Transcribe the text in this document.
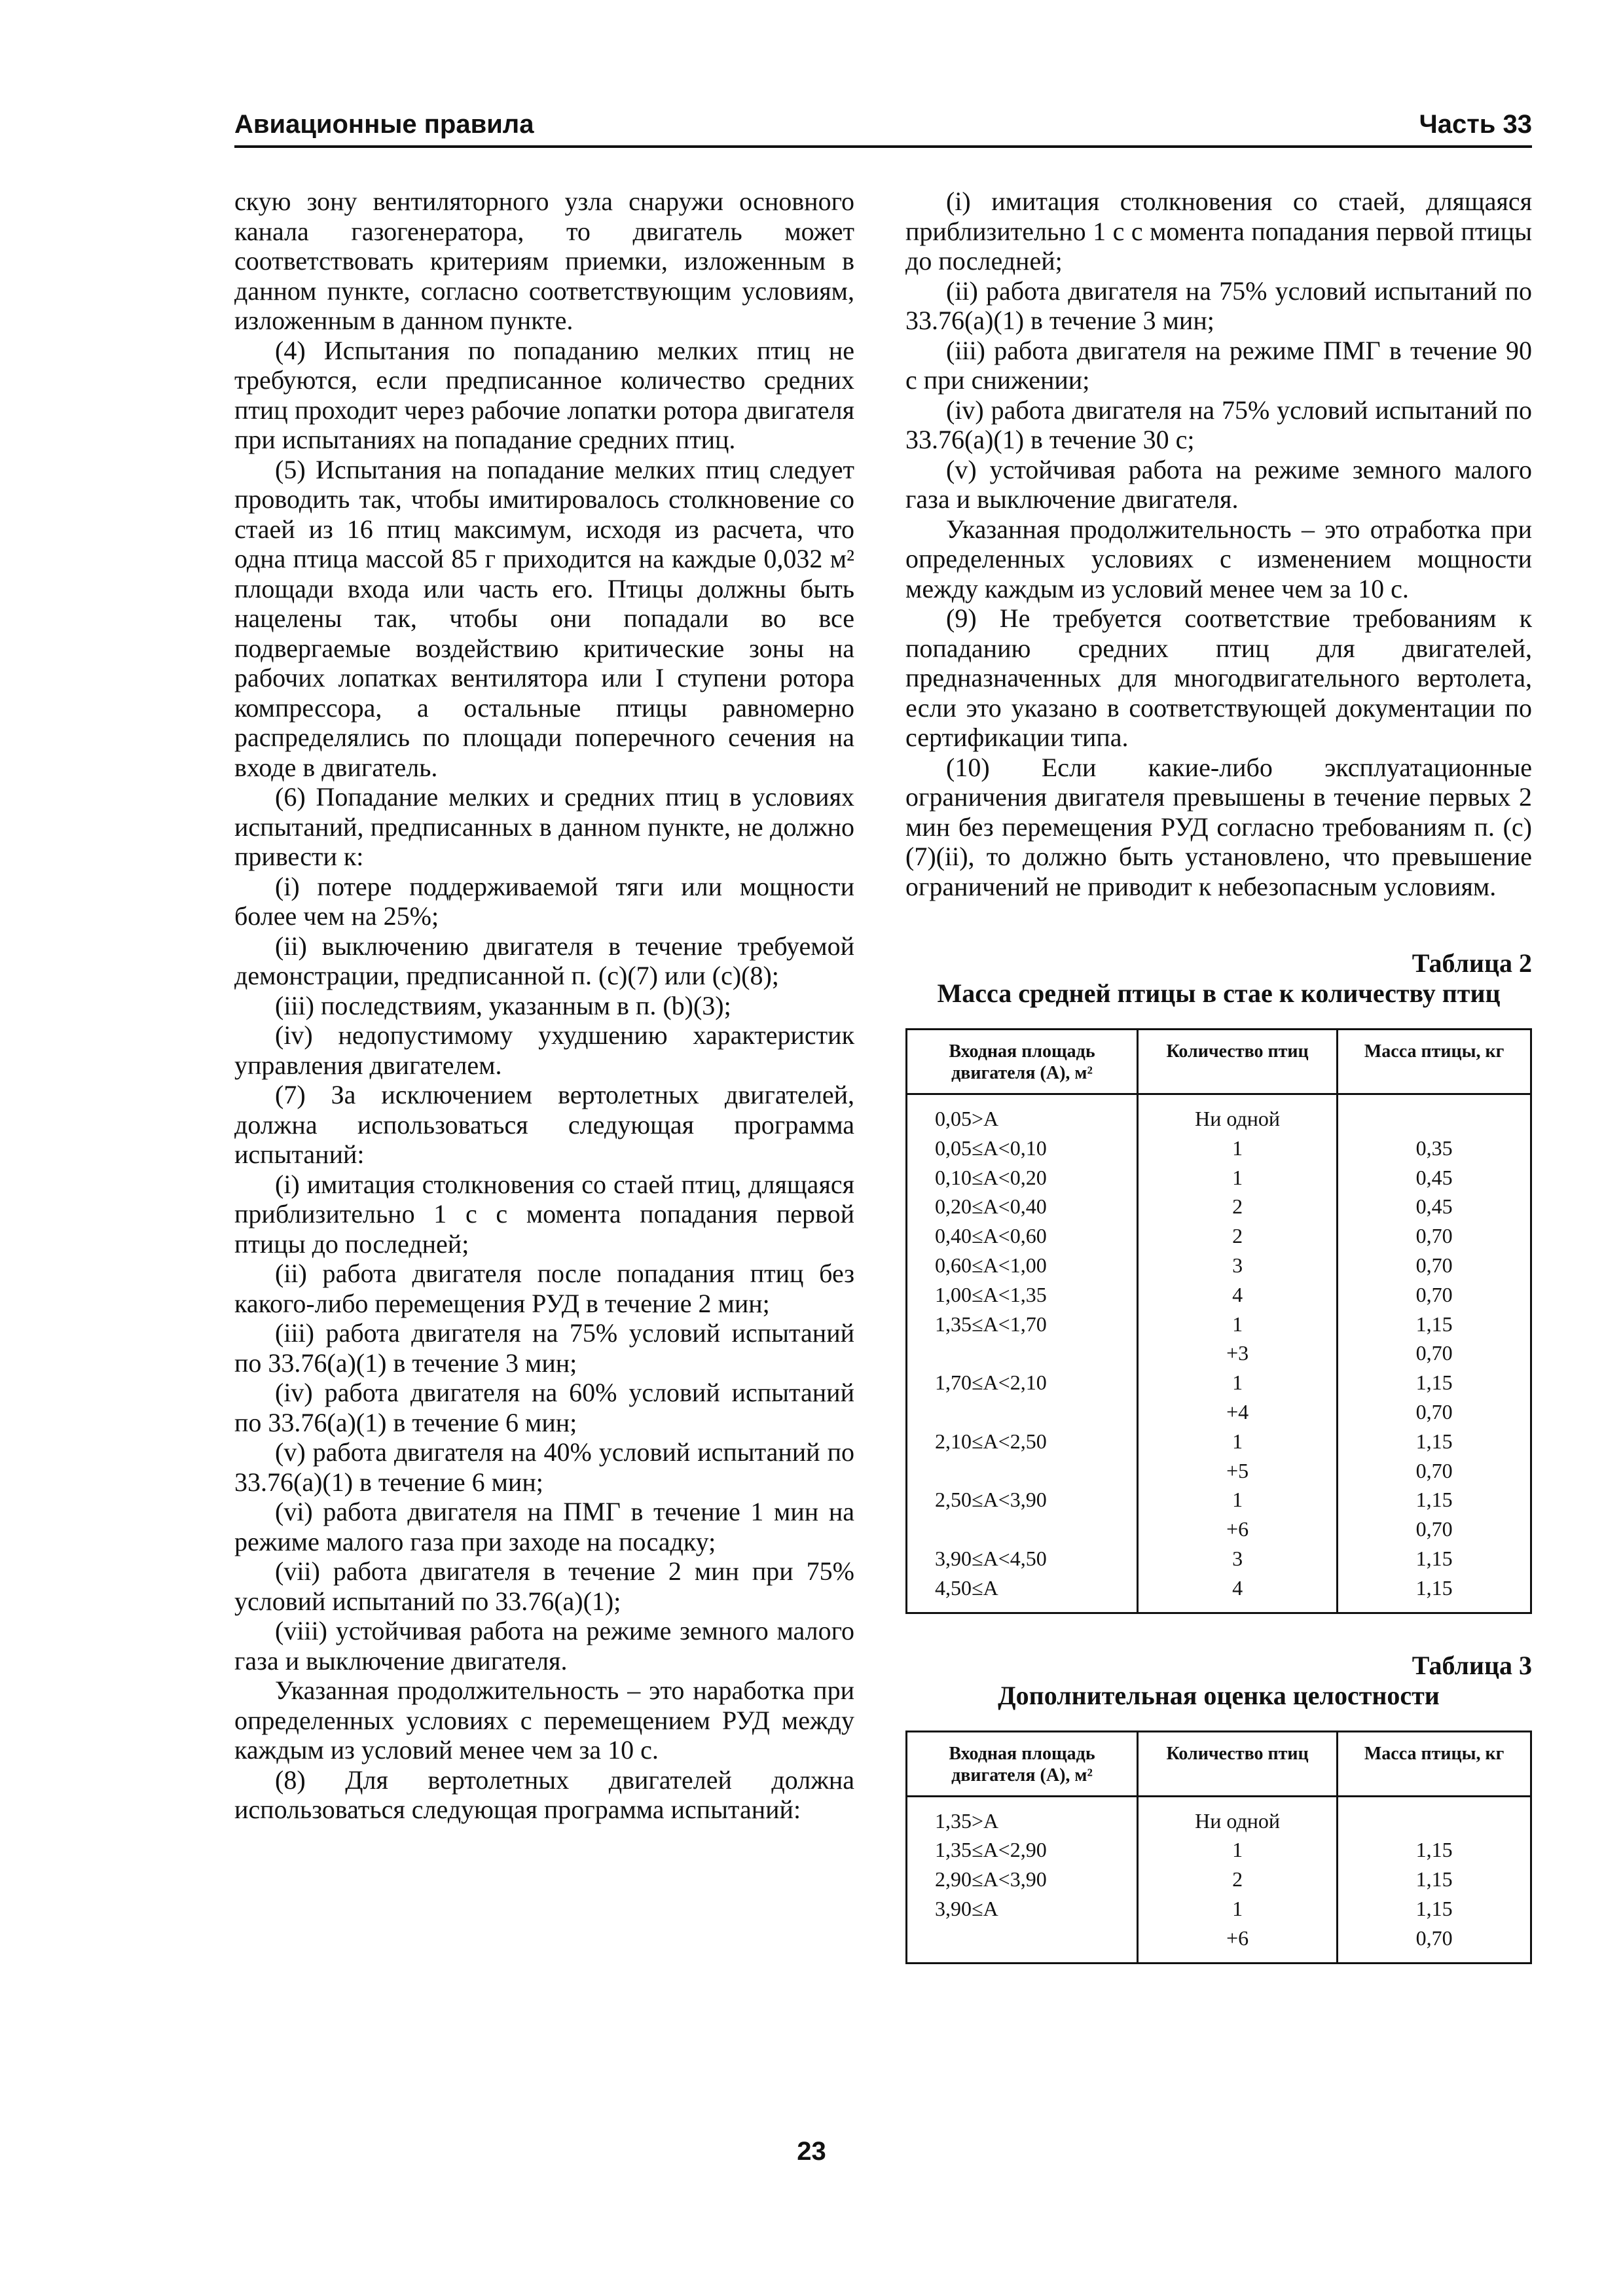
Авиационные правила	Часть 33

скую зону вентиляторного узла снаружи основного канала газогенератора, то двигатель может соответствовать критериям приемки, изложенным в данном пункте, согласно соответствующим условиям, изложенным в данном пункте.

(4) Испытания по попаданию мелких птиц не требуются, если предписанное количество средних птиц проходит через рабочие лопатки ротора двигателя при испытаниях на попадание средних птиц.

(5) Испытания на попадание мелких птиц следует проводить так, чтобы имитировалось столкновение со стаей из 16 птиц максимум, исходя из расчета, что одна птица массой 85 г приходится на каждые 0,032 м² площади входа или часть его. Птицы должны быть нацелены так, чтобы они попадали во все подвергаемые воздействию критические зоны на рабочих лопатках вентилятора или I ступени ротора компрессора, а остальные птицы равномерно распределялись по площади поперечного сечения на входе в двигатель.

(6) Попадание мелких и средних птиц в условиях испытаний, предписанных в данном пункте, не должно привести к:

(i) потере поддерживаемой тяги или мощности более чем на 25%;

(ii) выключению двигателя в течение требуемой демонстрации, предписанной п. (c)(7) или (c)(8);

(iii) последствиям, указанным в п. (b)(3);

(iv) недопустимому ухудшению характеристик управления двигателем.

(7) За исключением вертолетных двигателей, должна использоваться следующая программа испытаний:

(i) имитация столкновения со стаей птиц, длящаяся приблизительно 1 с с момента попадания первой птицы до последней;

(ii) работа двигателя после попадания птиц без какого-либо перемещения РУД в течение 2 мин;

(iii) работа двигателя на 75% условий испытаний по 33.76(a)(1) в течение 3 мин;

(iv) работа двигателя на 60% условий испытаний по 33.76(a)(1) в течение 6 мин;

(v) работа двигателя на 40% условий испытаний по 33.76(a)(1) в течение 6 мин;

(vi) работа двигателя на ПМГ в течение 1 мин на режиме малого газа при заходе на посадку;

(vii) работа двигателя в течение 2 мин при 75% условий испытаний по 33.76(a)(1);

(viii) устойчивая работа на режиме земного малого газа и выключение двигателя.

Указанная продолжительность – это наработка при определенных условиях с перемещением РУД между каждым из условий менее чем за 10 с.

(8) Для вертолетных двигателей должна использоваться следующая программа испытаний:

(i) имитация столкновения со стаей, длящаяся приблизительно 1 с с момента попадания первой птицы до последней;

(ii) работа двигателя на 75% условий испытаний по 33.76(a)(1) в течение 3 мин;

(iii) работа двигателя на режиме ПМГ в течение 90 с при снижении;

(iv) работа двигателя на 75% условий испытаний по 33.76(a)(1) в течение 30 с;

(v) устойчивая работа на режиме земного малого газа и выключение двигателя.

Указанная продолжительность – это отработка при определенных условиях с изменением мощности между каждым из условий менее чем за 10 с.

(9) Не требуется соответствие требованиям к попаданию средних птиц для двигателей, предназначенных для многодвигательного вертолета, если это указано в соответствующей документации по сертификации типа.

(10) Если какие-либо эксплуатационные ограничения двигателя превышены в течение первых 2 мин без перемещения РУД согласно требованиям п. (c)(7)(ii), то должно быть установлено, что превышение ограничений не приводит к небезопасным условиям.

Таблица 2

Масса средней птицы в стае к количеству птиц

Входная площадь двигателя (А), м²	Количество птиц	Масса птицы, кг
0,05>A	Ни одной	
0,05≤A<0,10	1	0,35
0,10≤A<0,20	1	0,45
0,20≤A<0,40	2	0,45
0,40≤A<0,60	2	0,70
0,60≤A<1,00	3	0,70
1,00≤A<1,35	4	0,70
1,35≤A<1,70	1	1,15
	+3	0,70
1,70≤A<2,10	1	1,15
	+4	0,70
2,10≤A<2,50	1	1,15
	+5	0,70
2,50≤A<3,90	1	1,15
	+6	0,70
3,90≤A<4,50	3	1,15
4,50≤A	4	1,15

Таблица 3

Дополнительная оценка целостности

Входная площадь двигателя (А), м²	Количество птиц	Масса птицы, кг
1,35>A	Ни одной	
1,35≤A<2,90	1	1,15
2,90≤A<3,90	2	1,15
3,90≤A	1	1,15
	+6	0,70
23
